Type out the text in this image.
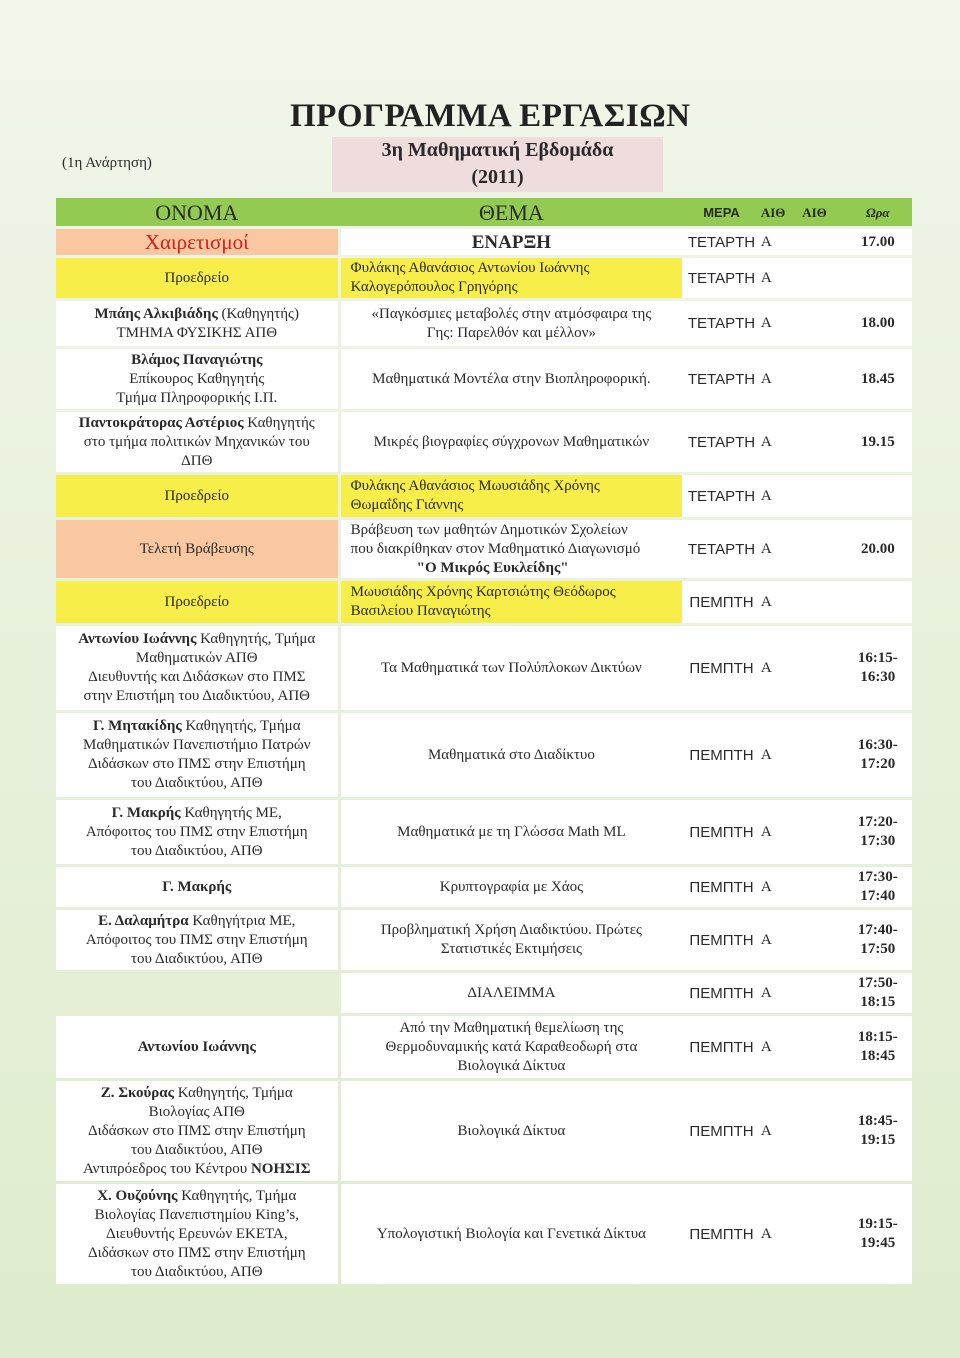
(1η Ανάρτηση)
ΠΡΟΓΡΑΜΜΑ ΕΡΓΑΣΙΩΝ
3η Μαθηματική Εβδομάδα
(2011)
ΟΝΟΜΑ		ΘΕΜΑ	ΜΕΡΑ	ΑΙΘ	ΑΙΘ	Ωρα
Χαιρετισμοί		ΕΝΑΡΞΗ	ΤΕΤΑΡΤΗ	Α		17.00
Προεδρείο		Φυλάκης Αθανάσιος Αντωνίου Ιωάννης
Καλογερόπουλος Γρηγόρης	ΤΕΤΑΡΤΗ	Α		
Μπάης Αλκιβιάδης (Καθηγητής)
ΤΜΗΜΑ ΦΥΣΙΚΗΣ ΑΠΘ		«Παγκόσμιες μεταβολές στην ατμόσφαιρα της
Γης: Παρελθόν και μέλλον»	ΤΕΤΑΡΤΗ	Α		18.00
Βλάμος Παναγιώτης
Επίκουρος Καθηγητής
Τμήμα Πληροφορικής Ι.Π.		Μαθηματικά Μοντέλα στην Βιοπληροφορική.	ΤΕΤΑΡΤΗ	Α		18.45
Παντοκράτορας Αστέριος Καθηγητής
στο τμήμα πολιτικών Μηχανικών του
ΔΠΘ		Μικρές βιογραφίες σύγχρονων Μαθηματικών	ΤΕΤΑΡΤΗ	Α		19.15
Προεδρείο		Φυλάκης Αθανάσιος Μωυσιάδης Χρόνης
Θωμαΐδης Γιάννης	ΤΕΤΑΡΤΗ	Α		
Τελετή Βράβευσης		Βράβευση των μαθητών Δημοτικών Σχολείων
που διακρίθηκαν στον Μαθηματικό Διαγωνισμό
"Ο Μικρός Ευκλείδης"	ΤΕΤΑΡΤΗ	Α		20.00
Προεδρείο		Μωυσιάδης Χρόνης Καρτσιώτης Θεόδωρος
Βασιλείου Παναγιώτης	ΠΕΜΠΤΗ	Α		
Αντωνίου Ιωάννης Καθηγητής, Τμήμα
Μαθηματικών ΑΠΘ
Διευθυντής και Διδάσκων στο ΠΜΣ
στην Επιστήμη του Διαδικτύου, ΑΠΘ		Τα Μαθηματικά των Πολύπλοκων Δικτύων	ΠΕΜΠΤΗ	Α		16:15-
16:30
Γ. Μητακίδης Καθηγητής, Τμήμα
Μαθηματικών Πανεπιστήμιο Πατρών
Διδάσκων στο ΠΜΣ στην Επιστήμη
του Διαδικτύου, ΑΠΘ		Μαθηματικά στο Διαδίκτυο	ΠΕΜΠΤΗ	Α		16:30-
17:20
Γ. Μακρής Καθηγητής ΜΕ,
Απόφοιτος του ΠΜΣ στην Επιστήμη
του Διαδικτύου, ΑΠΘ		Μαθηματικά με τη Γλώσσα Math ML	ΠΕΜΠΤΗ	Α		17:20-
17:30
Γ. Μακρής		Κρυπτογραφία με Χάος	ΠΕΜΠΤΗ	Α		17:30-
17:40
Ε. Δαλαμήτρα Καθηγήτρια ΜΕ,
Απόφοιτος του ΠΜΣ στην Επιστήμη
του Διαδικτύου, ΑΠΘ		Προβληματική Χρήση Διαδικτύου. Πρώτες
Στατιστικές Εκτιμήσεις	ΠΕΜΠΤΗ	Α		17:40-
17:50
		ΔΙΑΛΕΙΜΜΑ	ΠΕΜΠΤΗ	Α		17:50-
18:15
Αντωνίου Ιωάννης		Από την Μαθηματική θεμελίωση της
Θερμοδυναμικής κατά Καραθεοδωρή στα
Βιολογικά Δίκτυα	ΠΕΜΠΤΗ	Α		18:15-
18:45
Ζ. Σκούρας Καθηγητής, Τμήμα
Βιολογίας ΑΠΘ
Διδάσκων στο ΠΜΣ στην Επιστήμη
του Διαδικτύου, ΑΠΘ
Αντιπρόεδρος του Κέντρου ΝΟΗΣΙΣ		Βιολογικά Δίκτυα	ΠΕΜΠΤΗ	Α		18:45-
19:15
Χ. Ουζούνης Καθηγητής, Τμήμα
Βιολογίας Πανεπιστημίου King’s,
Διευθυντής Ερευνών ΕΚΕΤΑ,
Διδάσκων στο ΠΜΣ στην Επιστήμη
του Διαδικτύου, ΑΠΘ		Υπολογιστική Βιολογία και Γενετικά Δίκτυα	ΠΕΜΠΤΗ	Α		19:15-
19:45
